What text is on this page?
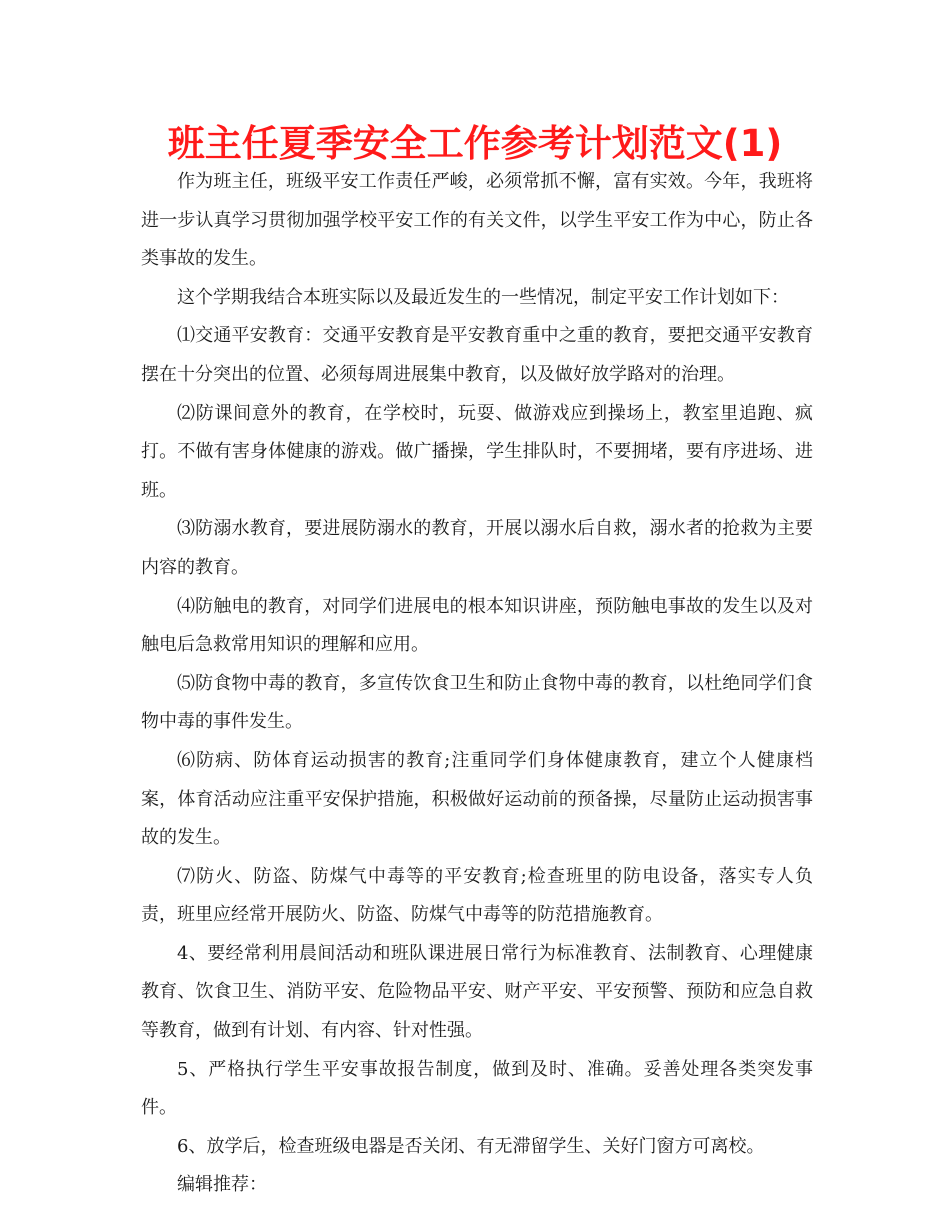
班主任夏季安全工作参考计划范文(1)

作为班主任，班级平安工作责任严峻，必须常抓不懈，富有实效。今年，我班将进一步认真学习贯彻加强学校平安工作的有关文件，以学生平安工作为中心，防止各类事故的发生。

这个学期我结合本班实际以及最近发生的一些情况，制定平安工作计划如下：

⑴交通平安教育：交通平安教育是平安教育重中之重的教育，要把交通平安教育摆在十分突出的位置、必须每周进展集中教育，以及做好放学路对的治理。

⑵防课间意外的教育，在学校时，玩耍、做游戏应到操场上，教室里追跑、疯打。不做有害身体健康的游戏。做广播操，学生排队时，不要拥堵，要有序进场、进班。

⑶防溺水教育，要进展防溺水的教育，开展以溺水后自救，溺水者的抢救为主要内容的教育。

⑷防触电的教育，对同学们进展电的根本知识讲座，预防触电事故的发生以及对触电后急救常用知识的理解和应用。

⑸防食物中毒的教育，多宣传饮食卫生和防止食物中毒的教育，以杜绝同学们食物中毒的事件发生。

⑹防病、防体育运动损害的教育;注重同学们身体健康教育，建立个人健康档案，体育活动应注重平安保护措施，积极做好运动前的预备操，尽量防止运动损害事故的发生。

⑺防火、防盗、防煤气中毒等的平安教育;检查班里的防电设备，落实专人负责，班里应经常开展防火、防盗、防煤气中毒等的防范措施教育。

4、要经常利用晨间活动和班队课进展日常行为标准教育、法制教育、心理健康教育、饮食卫生、消防平安、危险物品平安、财产平安、平安预警、预防和应急自救等教育，做到有计划、有内容、针对性强。

5、严格执行学生平安事故报告制度，做到及时、准确。妥善处理各类突发事件。

6、放学后，检查班级电器是否关闭、有无滞留学生、关好门窗方可离校。

编辑推荐：
